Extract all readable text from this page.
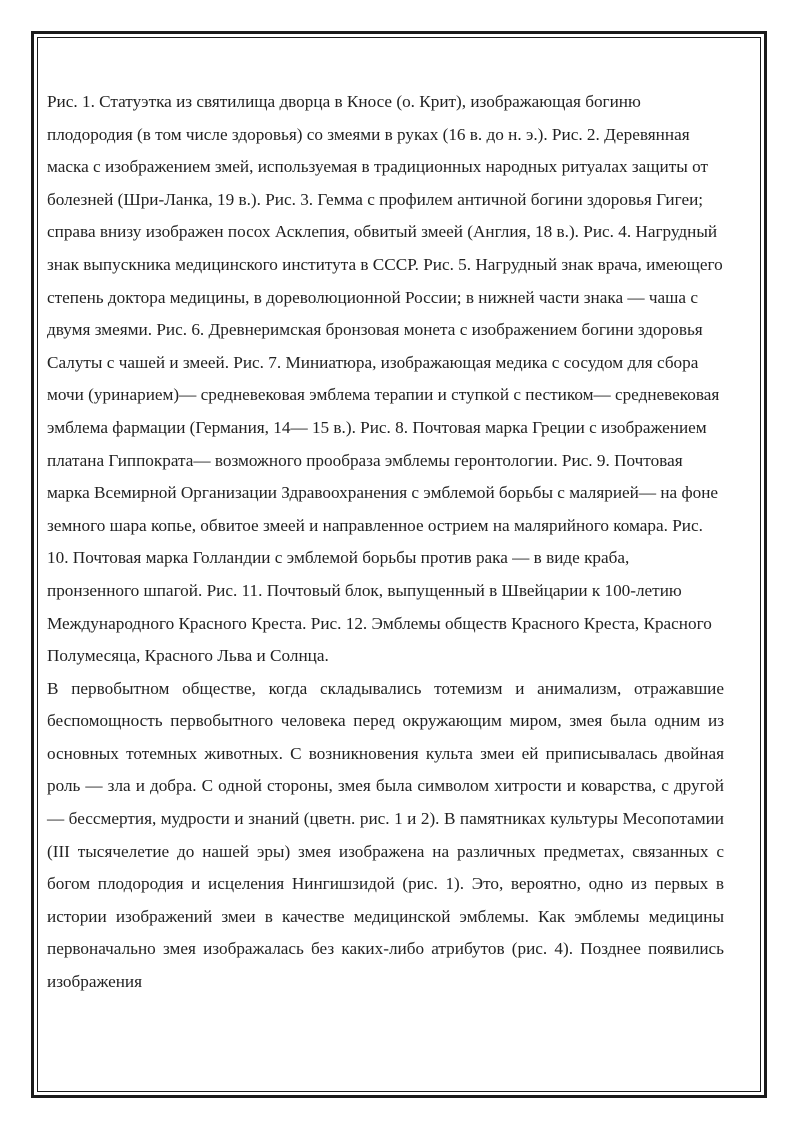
Рис. 1. Статуэтка из святилища дворца в Кносе (о. Крит), изображающая богиню плодородия (в том числе здоровья) со змеями в руках (16 в. до н. э.). Рис. 2. Деревянная маска с изображением змей, используемая в традиционных народных ритуалах защиты от болезней (Шри-Ланка, 19 в.). Рис. 3. Гемма с профилем античной богини здоровья Гигеи; справа внизу изображен посох Асклепия, обвитый змеей (Англия, 18 в.). Рис. 4. Нагрудный знак выпускника медицинского института в СССР. Рис. 5. Нагрудный знак врача, имеющего степень доктора медицины, в дореволюционной России; в нижней части знака — чаша с двумя змеями. Рис. 6. Древнеримская бронзовая монета с изображением богини здоровья Салуты с чашей и змеей. Рис. 7. Миниатюра, изображающая медика с сосудом для сбора мочи (уринарием)— средневековая эмблема терапии и ступкой с пестиком— средневековая эмблема фармации (Германия, 14— 15 в.). Рис. 8. Почтовая марка Греции с изображением платана Гиппократа— возможного прообраза эмблемы геронтологии. Рис. 9. Почтовая марка Всемирной Организации Здравоохранения с эмблемой борьбы с малярией— на фоне земного шара копье, обвитое змеей и направленное острием на малярийного комара. Рис. 10. Почтовая марка Голландии с эмблемой борьбы против рака — в виде краба, пронзенного шпагой. Рис. 11. Почтовый блок, выпущенный в Швейцарии к 100-летию Международного Красного Креста. Рис. 12. Эмблемы обществ Красного Креста, Красного Полумесяца, Красного Льва и Солнца.

В первобытном обществе, когда складывались тотемизм и анимализм, отражавшие беспомощность первобытного человека перед окружающим миром, змея была одним из основных тотемных животных. С возникновения культа змеи ей приписывалась двойная роль — зла и добра. С одной стороны, змея была символом хитрости и коварства, с другой — бессмертия, мудрости и знаний (цветн. рис. 1 и 2). В памятниках культуры Месопотамии (III тысячелетие до нашей эры) змея изображена на различных предметах, связанных с богом плодородия и исцеления Нингишзидой (рис. 1). Это, вероятно, одно из первых в истории изображений змеи в качестве медицинской эмблемы. Как эмблемы медицины первоначально змея изображалась без каких-либо атрибутов (рис. 4). Позднее появились изображения
